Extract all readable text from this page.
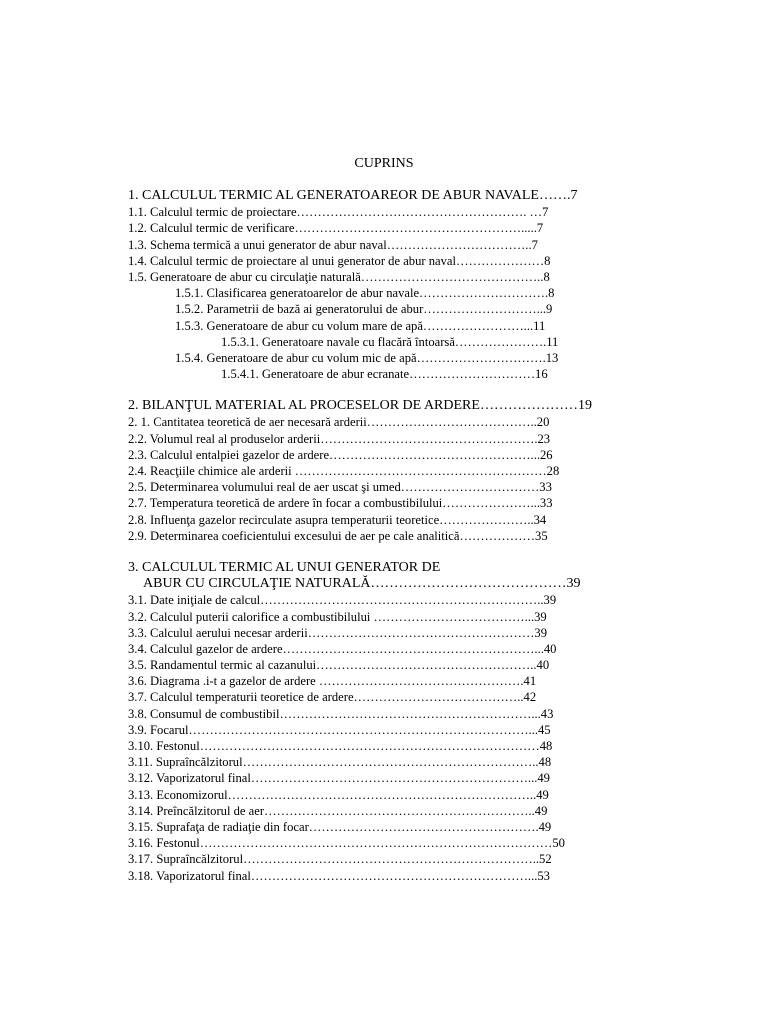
CUPRINS
1. CALCULUL TERMIC AL GENERATOAREOR DE ABUR NAVALE…….7
1.1. Calculul termic de proiectare………………………………………………. …7
1.2. Calculul termic de verificare……………………………………………….....7
1.3. Schema termică a unui generator de abur naval……………………………..7
1.4. Calculul termic de proiectare al unui generator de abur naval…………………8
1.5. Generatoare de abur cu circulaţie naturală……………………………………..8
1.5.1. Clasificarea generatoarelor de abur navale………………………….8
1.5.2. Parametrii de bază ai generatorului de abur………………………...9
1.5.3. Generatoare de abur cu volum mare de apă……………………...11
1.5.3.1. Generatoare navale cu flacără întoarsă………………….11
1.5.4. Generatoare de abur cu volum mic de apă………………………….13
1.5.4.1. Generatoare de abur ecranate…………………………16
2. BILANŢUL MATERIAL AL PROCESELOR DE ARDERE…………………19
2. 1. Cantitatea teoretică de aer necesară arderii…………………………………..20
2.2. Volumul real al produselor arderii…………………………………………….23
2.3. Calculul entalpiei gazelor de ardere…………………………………………...26
2.4. Reacţiile chimice ale arderii ……………………………………………………28
2.5. Determinarea volumului real de aer uscat şi umed……………………………33
2.7. Temperatura teoretică de ardere în focar a combustibilului…………………...33
2.8. Influenţa gazelor recirculate asupra temperaturii teoretice…………………..34
2.9. Determinarea coeficientului excesului de aer pe cale analitică………………35
3. CALCULUL TERMIC AL UNUI GENERATOR DE
ABUR CU CIRCULAŢIE NATURALĂ……………………………………39
3.1. Date iniţiale de calcul…………………………………………………………..39
3.2. Calculul puterii calorifice a combustibilului ………………………………...39
3.3. Calculul aerului necesar arderii………………………………………………39
3.4. Calculul gazelor de ardere……………………………………………………...40
3.5. Randamentul termic al cazanului……………………………………………..40
3.6. Diagrama .i-t a gazelor de ardere ………………………………………….41
3.7. Calculul temperaturii teoretice de ardere…………………………………..42
3.8. Consumul de combustibil……………………………………………………...43
3.9. Focarul………………………………………………………………………...45
3.10. Festonul………………………………………………………………………48
3.11. Supraîncălzitorul……………………………………………………………..48
3.12. Vaporizatorul final…………………………………………………………...49
3.13. Economizorul………………………………………………………………..49
3.14. Preîncălzitorul de aer………………………………………………………..49
3.15. Suprafaţa de radiaţie din focar……………………………………………….49
3.16. Festonul…………………………………………………………………………50
3.17. Supraîncălzitorul……………………………………………………………..52
3.18. Vaporizatorul final…………………………………………………………...53
